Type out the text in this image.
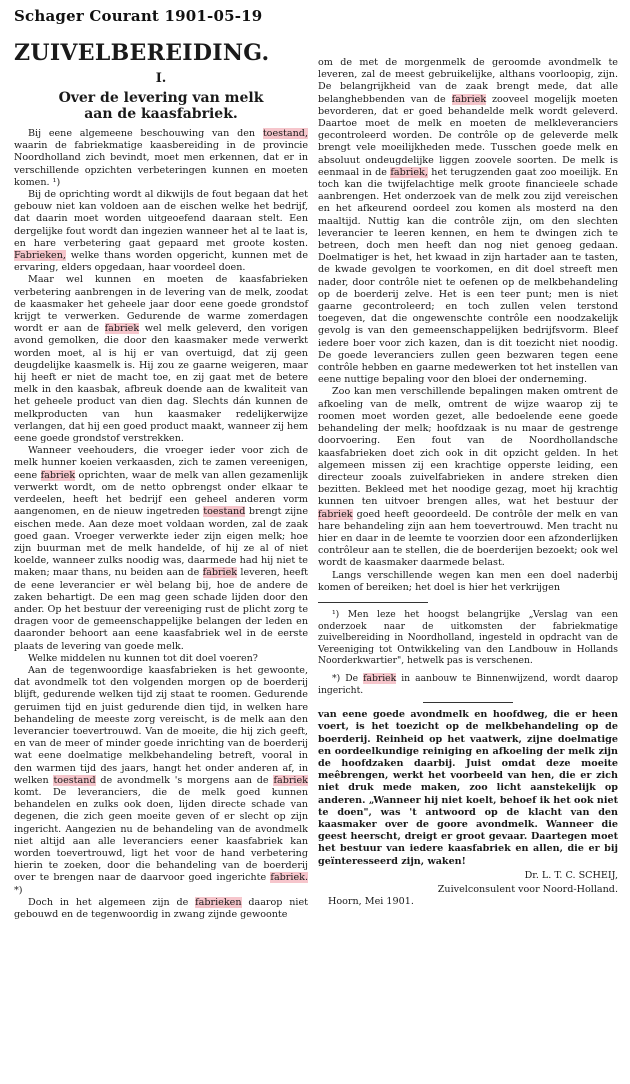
Schager Courant 1901-05-19
ZUIVELBEREIDING.
I.
Over de levering van melk
aan de kaasfabriek.

Bij eene algemeene beschouwing van den toestand, waarin de fabriekmatige kaasbereiding in de provincie Noordholland zich bevindt, moet men erkennen, dat er in verschillende opzichten verbeteringen kunnen en moeten komen. ¹)

Bij de oprichting wordt al dikwijls de fout begaan dat het gebouw niet kan voldoen aan de eischen welke het bedrijf, dat daarin moet worden uitgeoefend daaraan stelt. Een dergelijke fout wordt dan ingezien wanneer het al te laat is, en hare verbetering gaat gepaard met groote kosten. Fabrieken, welke thans worden opgericht, kunnen met de ervaring, elders opgedaan, haar voordeel doen.

Maar wel kunnen en moeten de kaasfabrieken verbetering aanbrengen in de levering van de melk, zoodat de kaasmaker het geheele jaar door eene goede grondstof krijgt te verwerken. Gedurende de warme zomerdagen wordt er aan de fabriek wel melk geleverd, den vorigen avond gemolken, die door den kaasmaker mede verwerkt worden moet, al is hij er van overtuigd, dat zij geen deugdelijke kaasmelk is. Hij zou ze gaarne weigeren, maar hij heeft er niet de macht toe, en zij gaat met de betere melk in den kaasbak, afbreuk doende aan de kwaliteit van het geheele product van dien dag. Slechts dán kunnen de melkproducten van hun kaasmaker redelijkerwijze verlangen, dat hij een goed product maakt, wanneer zij hem eene goede grondstof verstrekken.

Wanneer veehouders, die vroeger ieder voor zich de melk hunner koeien verkaasden, zich te zamen vereenigen, eene fabriek oprichten, waar de melk van allen gezamenlijk verwerkt wordt, om de netto opbrengst onder elkaar te verdeelen, heeft het bedrijf een geheel anderen vorm aangenomen, en de nieuw ingetreden toestand brengt zijne eischen mede. Aan deze moet voldaan worden, zal de zaak goed gaan. Vroeger verwerkte ieder zijn eigen melk; hoe zijn buurman met de melk handelde, of hij ze al of niet koelde, wanneer zulks noodig was, daarmede had hij niet te maken; maar thans, nu beiden aan de fabriek leveren, heeft de eene leverancier er wèl belang bij, hoe de andere de zaken behartigt. De een mag geen schade lijden door den ander. Op het bestuur der vereeniging rust de plicht zorg te dragen voor de gemeenschappelijke belangen der leden en daaronder behoort aan eene kaasfabriek wel in de eerste plaats de levering van goede melk.

Welke middelen nu kunnen tot dit doel voeren?

Aan de tegenwoordige kaasfabrieken is het gewoonte, dat avondmelk tot den volgenden morgen op de boerderij blijft, gedurende welken tijd zij staat te roomen. Gedurende geruimen tijd en juist gedurende dien tijd, in welken hare behandeling de meeste zorg vereischt, is de melk aan den leverancier toevertrouwd. Van de moeite, die hij zich geeft, en van de meer of minder goede inrichting van de boerderij wat eene doelmatige melkbehandeling betreft, vooral in den warmen tijd des jaars, hangt het onder anderen af, in welken toestand de avondmelk 's morgens aan de fabriek komt. De leveranciers, die de melk goed kunnen behandelen en zulks ook doen, lijden directe schade van degenen, die zich geen moeite geven of er slecht op zijn ingericht. Aangezien nu de behandeling van de avondmelk niet altijd aan alle leveranciers eener kaasfabriek kan worden toevertrouwd, ligt het voor de hand verbetering hierin te zoeken, door die behandeling van de boerderij over te brengen naar de daarvoor goed ingerichte fabriek. *)

Doch in het algemeen zijn de fabrieken daarop niet gebouwd en de tegenwoordig in zwang zijnde gewoonte

om de met de morgenmelk de geroomde avondmelk te leveren, zal de meest gebruikelijke, althans voorloopig, zijn. De belangrijkheid van de zaak brengt mede, dat alle belanghebbenden van de fabriek zooveel mogelijk moeten bevorderen, dat er goed behandelde melk wordt geleverd. Daartoe moet de melk en moeten de melkleveranciers gecontroleerd worden. De contrôle op de geleverde melk brengt vele moeilijkheden mede. Tusschen goede melk en absoluut ondeugdelijke liggen zoovele soorten. De melk is eenmaal in de fabriek, het terugzenden gaat zoo moeilijk. En toch kan die twijfelachtige melk groote financieele schade aanbrengen. Het onderzoek van de melk zou zijd vereischen en het afkeurend oordeel zou komen als mosterd na den maaltijd. Nuttig kan die contrôle zijn, om den slechten leverancier te leeren kennen, en hem te dwingen zich te betreen, doch men heeft dan nog niet genoeg gedaan. Doelmatiger is het, het kwaad in zijn hartader aan te tasten, de kwade gevolgen te voorkomen, en dit doel streeft men nader, door contrôle niet te oefenen op de melkbehandeling op de boerderij zelve. Het is een teer punt; men is niet gaarne gecontroleerd; en toch zullen velen terstond toegeven, dat die ongewenschte contrôle een noodzakelijk gevolg is van den gemeenschappelijken bedrijfsvorm. Bleef iedere boer voor zich kazen, dan is dit toezicht niet noodig. De goede leveranciers zullen geen bezwaren tegen eene contrôle hebben en gaarne medewerken tot het instellen van eene nuttige bepaling voor den bloei der onderneming.

Zoo kan men verschillende bepalingen maken omtrent de afkoeling van de melk, omtrent de wijze waarop zij te roomen moet worden gezet, alle bedoelende eene goede behandeling der melk; hoofdzaak is nu maar de gestrenge doorvoering. Een fout van de Noordhollandsche kaasfabrieken doet zich ook in dit opzicht gelden. In het algemeen missen zij een krachtige opperste leiding, een directeur zooals zuivelfabrieken in andere streken dien bezitten. Bekleed met het noodige gezag, moet hij krachtig kunnen ten uitvoer brengen alles, wat het bestuur der fabriek goed heeft geoordeeld. De contrôle der melk en van hare behandeling zijn aan hem toevertrouwd. Men tracht nu hier en daar in de leemte te voorzien door een afzonderlijken contrôleur aan te stellen, die de boerderijen bezoekt; ook wel wordt de kaasmaker daarmede belast.

Langs verschillende wegen kan men een doel naderbij komen of bereiken; het doel is hier het verkrijgen

¹) Men leze het hoogst belangrijke „Verslag van een onderzoek naar de uitkomsten der fabriekmatige zuivelbereiding in Noordholland, ingesteld in opdracht van de Vereeniging tot Ontwikkeling van den Landbouw in Hollands Noorderkwartier", hetwelk pas is verschenen.
*) De fabriek in aanbouw te Binnenwijzend, wordt daarop ingericht.

van eene goede avondmelk en hoofdweg, die er heen voert, is het toezicht op de melkbehandeling op de boerderij. Reinheid op het vaatwerk, zijne doelmatige en oordeelkundige reiniging en afkoeling der melk zijn de hoofdzaken daarbij. Juist omdat deze moeite meêbrengen, werkt het voorbeeld van hen, die er zich niet druk mede maken, zoo licht aanstekelijk op anderen. „Wanneer hij niet koelt, behoef ik het ook niet te doen", was 't antwoord op de klacht van den kaasmaker over de goore avondmelk. Wanneer die geest heerscht, dreigt er groot gevaar. Daartegen moet het bestuur van iedere kaasfabriek en allen, die er bij geïnteresseerd zijn, waken!

Dr. L. T. C. SCHEIJ,

Zuivelconsulent voor Noord-Holland.

Hoorn, Mei 1901.
